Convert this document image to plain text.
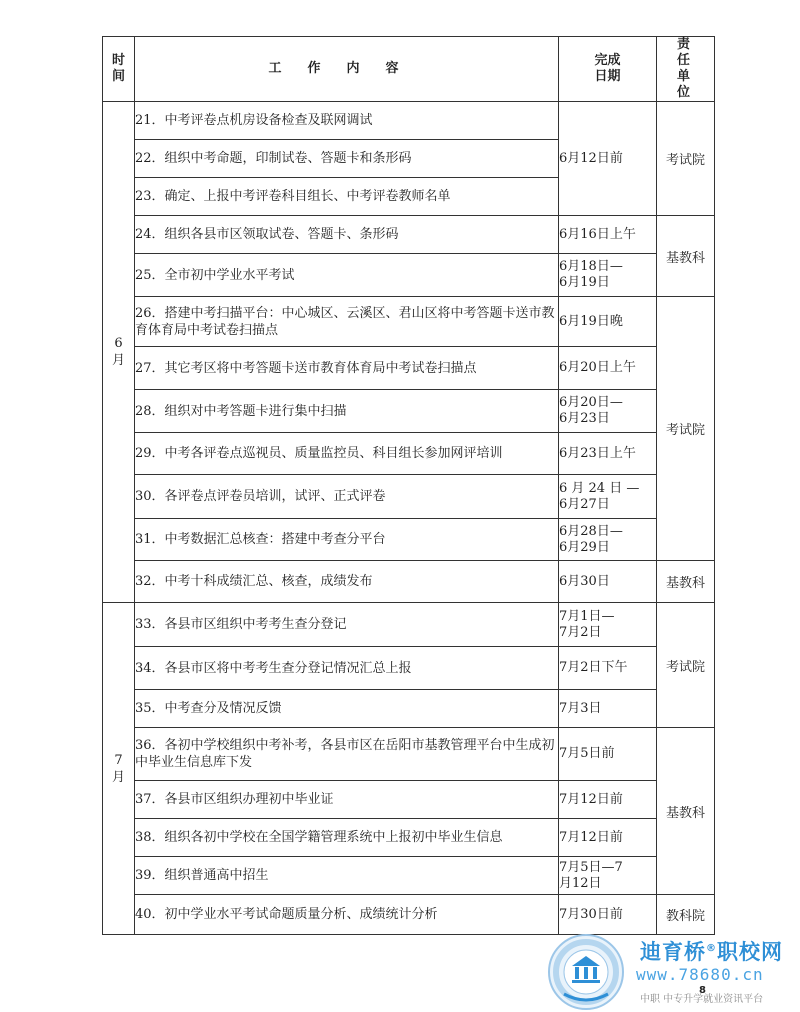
时间	工作内容	完成日期	责任单位
6月	21．中考评卷点机房设备检查及联网调试	6月12日前	考试院
	22．组织中考命题，印制试卷、答题卡和条形码		
	23．确定、上报中考评卷科目组长、中考评卷教师名单		
	24．组织各县市区领取试卷、答题卡、条形码	6月16日上午	基教科
	25．全市初中学业水平考试	6月18日—6月19日	
	26．搭建中考扫描平台：中心城区、云溪区、君山区将中考答题卡送市教育体育局中考试卷扫描点	6月19日晚	考试院
	27．其它考区将中考答题卡送市教育体育局中考试卷扫描点	6月20日上午	
	28．组织对中考答题卡进行集中扫描	6月20日—6月23日	
	29．中考各评卷点巡视员、质量监控员、科目组长参加网评培训	6月23日上午	
	30．各评卷点评卷员培训，试评、正式评卷	6 月 24 日 —6月27日	
	31．中考数据汇总核查：搭建中考查分平台	6月28日—6月29日	
	32．中考十科成绩汇总、核查，成绩发布	6月30日	基教科
7月	33．各县市区组织中考考生查分登记	7月1日—7月2日	考试院
	34．各县市区将中考考生查分登记情况汇总上报	7月2日下午	
	35．中考查分及情况反馈	7月3日	
	36．各初中学校组织中考补考，各县市区在岳阳市基教管理平台中生成初中毕业生信息库下发	7月5日前	基教科
	37．各县市区组织办理初中毕业证	7月12日前	
	38．组织各初中学校在全国学籍管理系统中上报初中毕业生信息	7月12日前	
	39．组织普通高中招生	7月5日—7月12日	
	40．初中学业水平考试命题质量分析、成绩统计分析	7月30日前	教科院
迪育桥®职校网
www.78680.cn
中职 中专升学就业资讯平台
8
